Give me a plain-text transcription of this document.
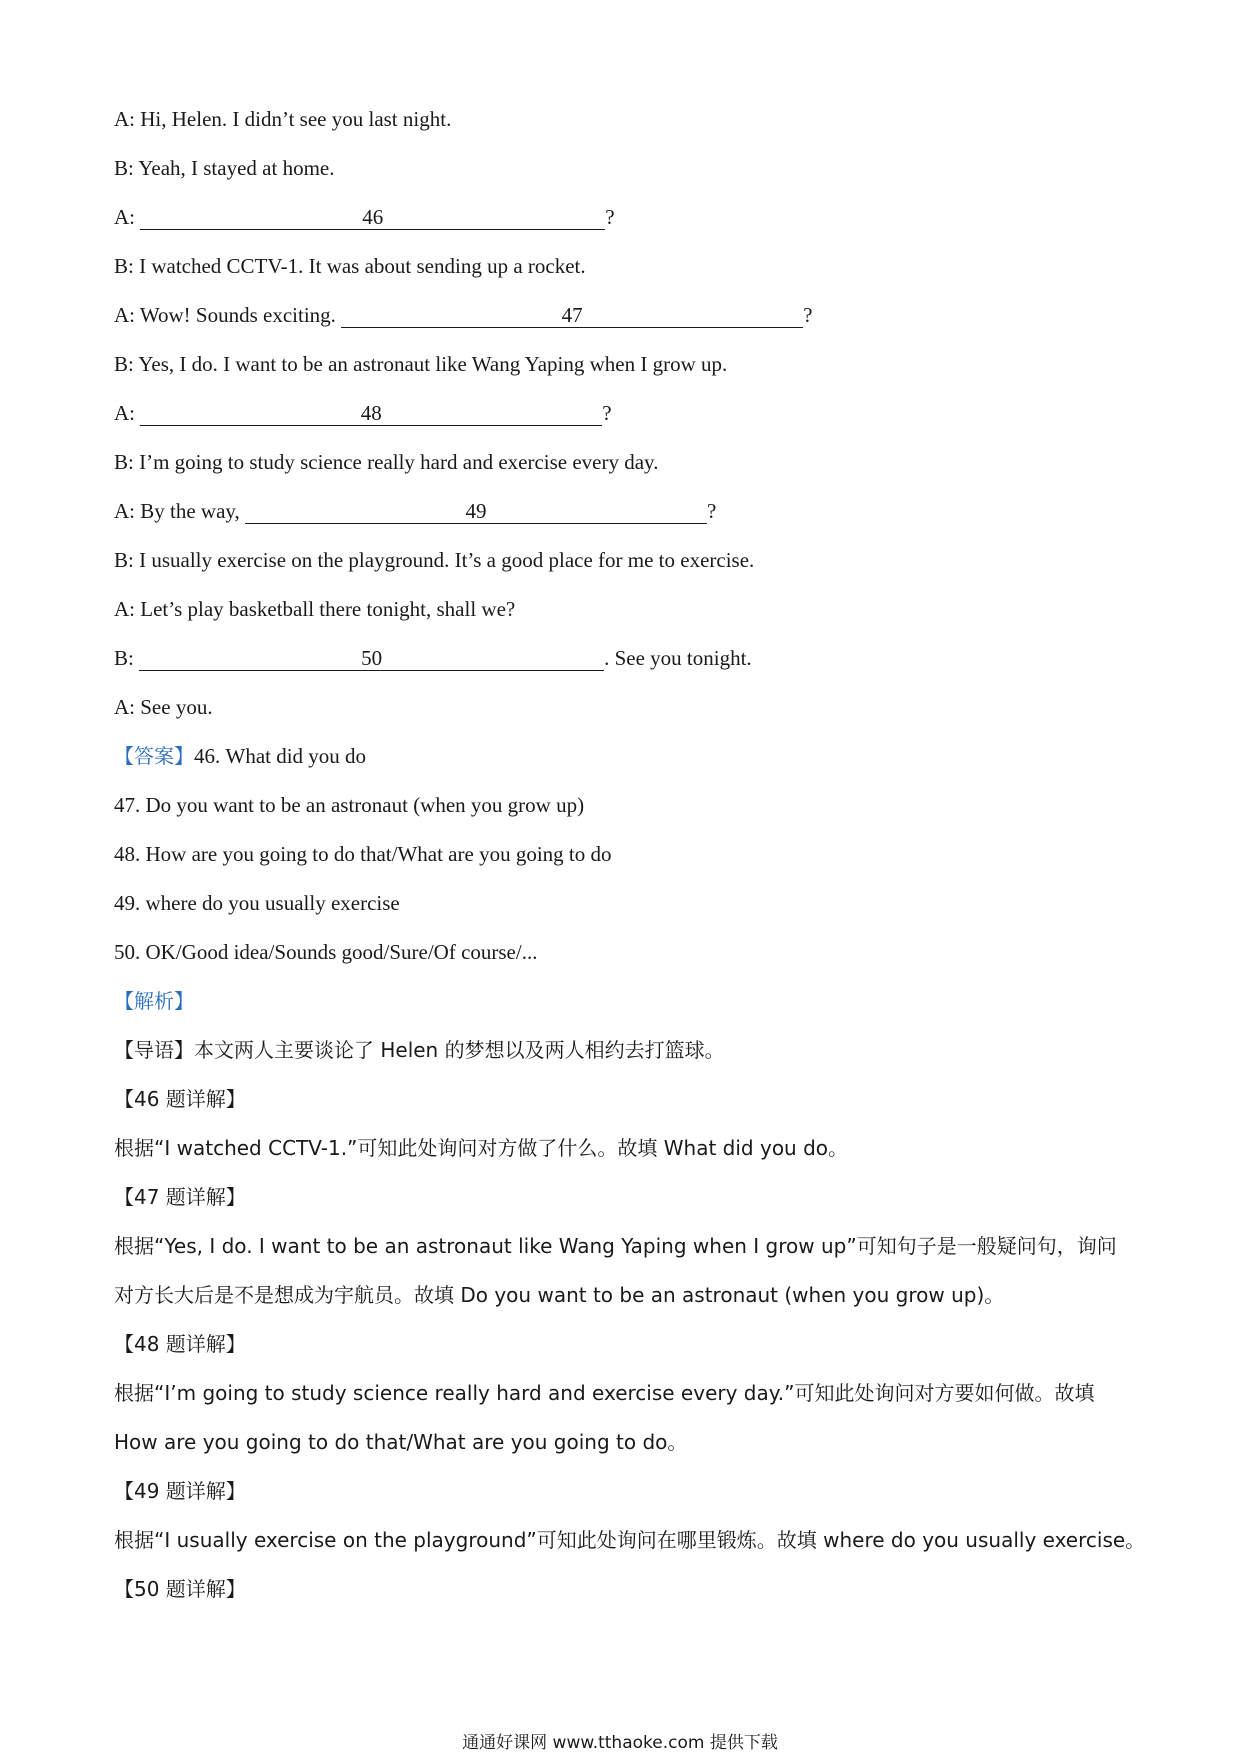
A: Hi, Helen. I didn’t see you last night.
B: Yeah, I stayed at home.
A:	46	?
B: I watched CCTV-1. It was about sending up a rocket.
A: Wow! Sounds exciting.	47	?
B: Yes, I do. I want to be an astronaut like Wang Yaping when I grow up.
A:	48	?
B: I’m going to study science really hard and exercise every day.
A: By the way,	49	?
B: I usually exercise on the playground. It’s a good place for me to exercise.
A: Let’s play basketball there tonight, shall we?
B:	50	. See you tonight.
A: See you.
【答案】46. What did you do
47. Do you want to be an astronaut (when you grow up)
48. How are you going to do that/What are you going to do
49. where do you usually exercise
50. OK/Good idea/Sounds good/Sure/Of course/...
【解析】
【导语】本文两人主要谈论了 Helen 的梦想以及两人相约去打篮球。
【46 题详解】
根据“I watched CCTV-1.”可知此处询问对方做了什么。故填 What did you do。
【47 题详解】
根据“Yes, I do. I want to be an astronaut like Wang Yaping when I grow up”可知句子是一般疑问句，询问对方长大后是不是想成为宇航员。故填 Do you want to be an astronaut (when you grow up)。
【48 题详解】
根据“I’m going to study science really hard and exercise every day.”可知此处询问对方要如何做。故填 How are you going to do that/What are you going to do。
【49 题详解】
根据“I usually exercise on the playground”可知此处询问在哪里锻炼。故填 where do you usually exercise。
【50 题详解】
通通好课网 www.tthaoke.com 提供下载
